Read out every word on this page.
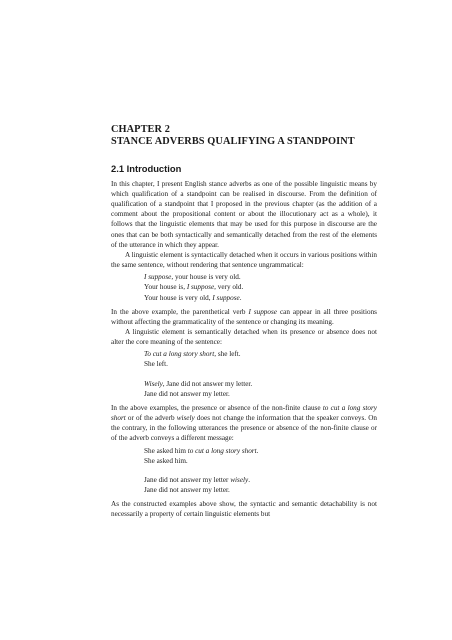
CHAPTER 2
STANCE ADVERBS QUALIFYING A STANDPOINT
2.1 Introduction

In this chapter, I present English stance adverbs as one of the possible linguistic means by which qualification of a standpoint can be realised in discourse. From the definition of qualification of a standpoint that I proposed in the previous chapter (as the addition of a comment about the propositional content or about the illocutionary act as a whole), it follows that the linguistic elements that may be used for this purpose in discourse are the ones that can be both syntactically and semantically detached from the rest of the elements of the utterance in which they appear.

A linguistic element is syntactically detached when it occurs in various positions within the same sentence, without rendering that sentence ungrammatical:

I suppose, your house is very old.
Your house is, I suppose, very old.
Your house is very old, I suppose.

In the above example, the parenthetical verb I suppose can appear in all three positions without affecting the grammaticality of the sentence or changing its meaning.

A linguistic element is semantically detached when its presence or absence does not alter the core meaning of the sentence:

To cut a long story short, she left.
She left.
Wisely, Jane did not answer my letter.
Jane did not answer my letter.

In the above examples, the presence or absence of the non-finite clause to cut a long story short or of the adverb wisely does not change the information that the speaker conveys. On the contrary, in the following utterances the presence or absence of the non-finite clause or of the adverb conveys a different message:

She asked him to cut a long story short.
She asked him.
Jane did not answer my letter wisely.
Jane did not answer my letter.

As the constructed examples above show, the syntactic and semantic detachability is not necessarily a property of certain linguistic elements but
